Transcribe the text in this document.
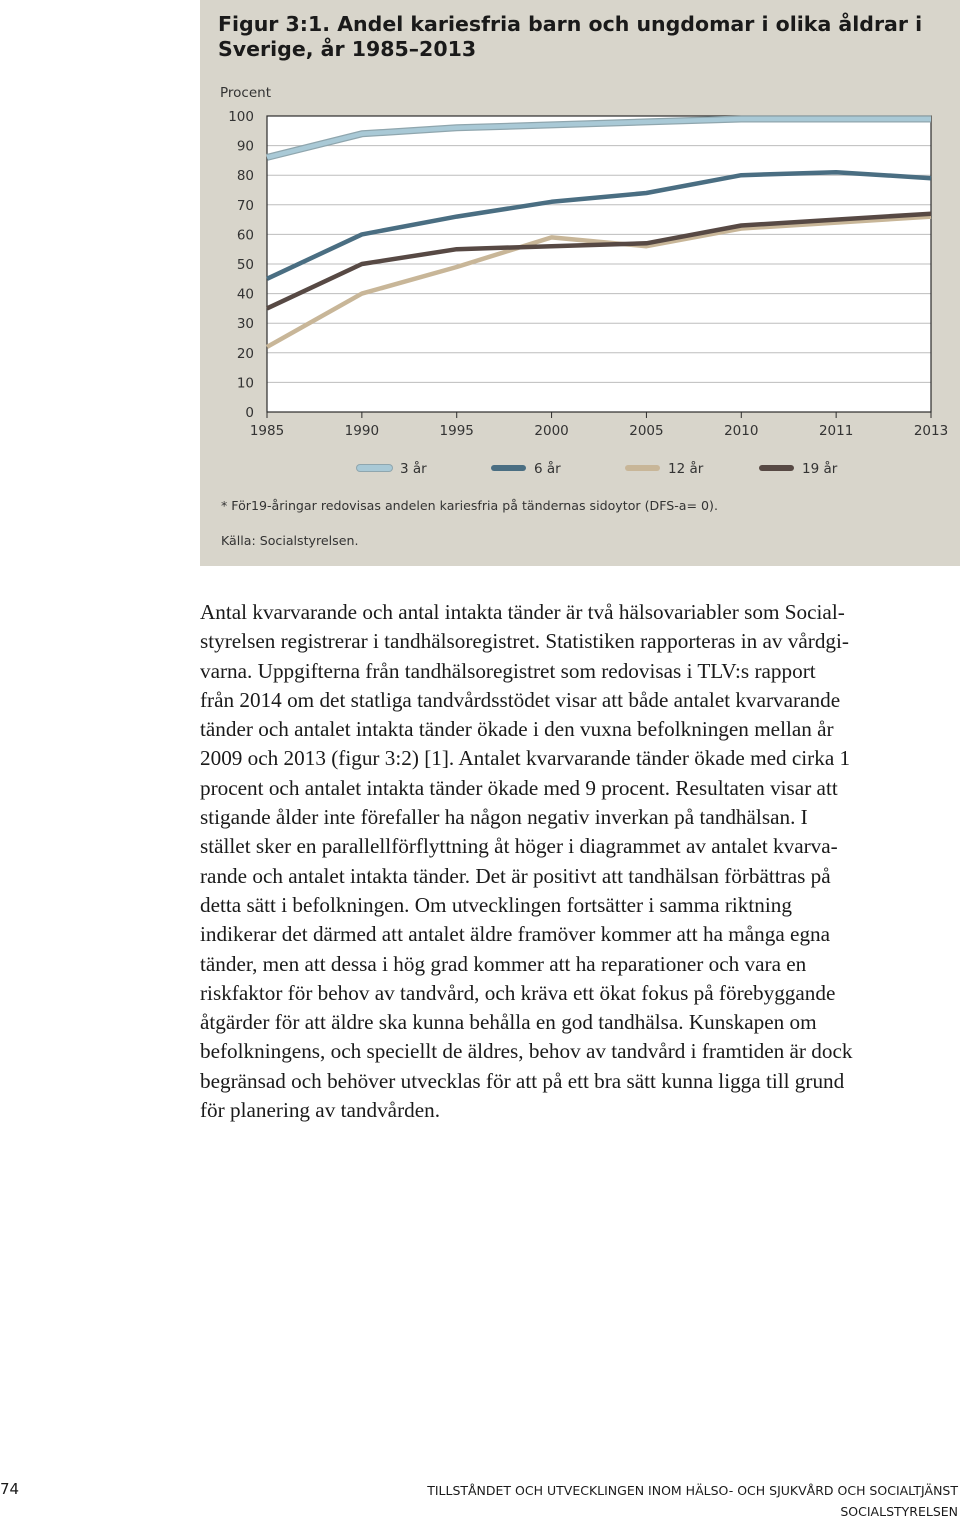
Figur 3:1. Andel kariesfria barn och ungdomar i olika åldrar i
Sverige, år 1985–2013
0
10
20
30
40
50
60
70
80
90
100
Procent
1985	1990	1995	2000	2005	2010	2011	2013
3 år	6 år	12 år	19 år
* För19-åringar redovisas andelen kariesfria på tändernas sidoytor (DFS-a= 0).
Källa: Socialstyrelsen.
Antal kvarvarande och antal intakta tänder är två hälsovariabler som Social-
styrelsen registrerar i tandhälsoregistret. Statistiken rapporteras in av vårdgi-
varna. Uppgifterna från tandhälsoregistret som redovisas i TLV:s rapport
från 2014 om det statliga tandvårdsstödet visar att både antalet kvarvarande
tänder och antalet intakta tänder ökade i den vuxna befolkningen mellan år
2009 och 2013 (figur 3:2) [1]. Antalet kvarvarande tänder ökade med cirka 1
procent och antalet intakta tänder ökade med 9 procent. Resultaten visar att
stigande ålder inte förefaller ha någon negativ inverkan på tandhälsan. I
stället sker en parallellförflyttning åt höger i diagrammet av antalet kvarva-
rande och antalet intakta tänder. Det är positivt att tandhälsan förbättras på
detta sätt i befolkningen. Om utvecklingen fortsätter i samma riktning
indikerar det därmed att antalet äldre framöver kommer att ha många egna
tänder, men att dessa i hög grad kommer att ha reparationer och vara en
riskfaktor för behov av tandvård, och kräva ett ökat fokus på förebyggande
åtgärder för att äldre ska kunna behålla en god tandhälsa. Kunskapen om
befolkningens, och speciellt de äldres, behov av tandvård i framtiden är dock
begränsad och behöver utvecklas för att på ett bra sätt kunna ligga till grund
för planering av tandvården.
74	TILLSTÅNDET OCH UTVECKLINGEN INOM HÄLSO- OCH SJUKVÅRD OCH SOCIALTJÄNST
SOCIALSTYRELSEN
